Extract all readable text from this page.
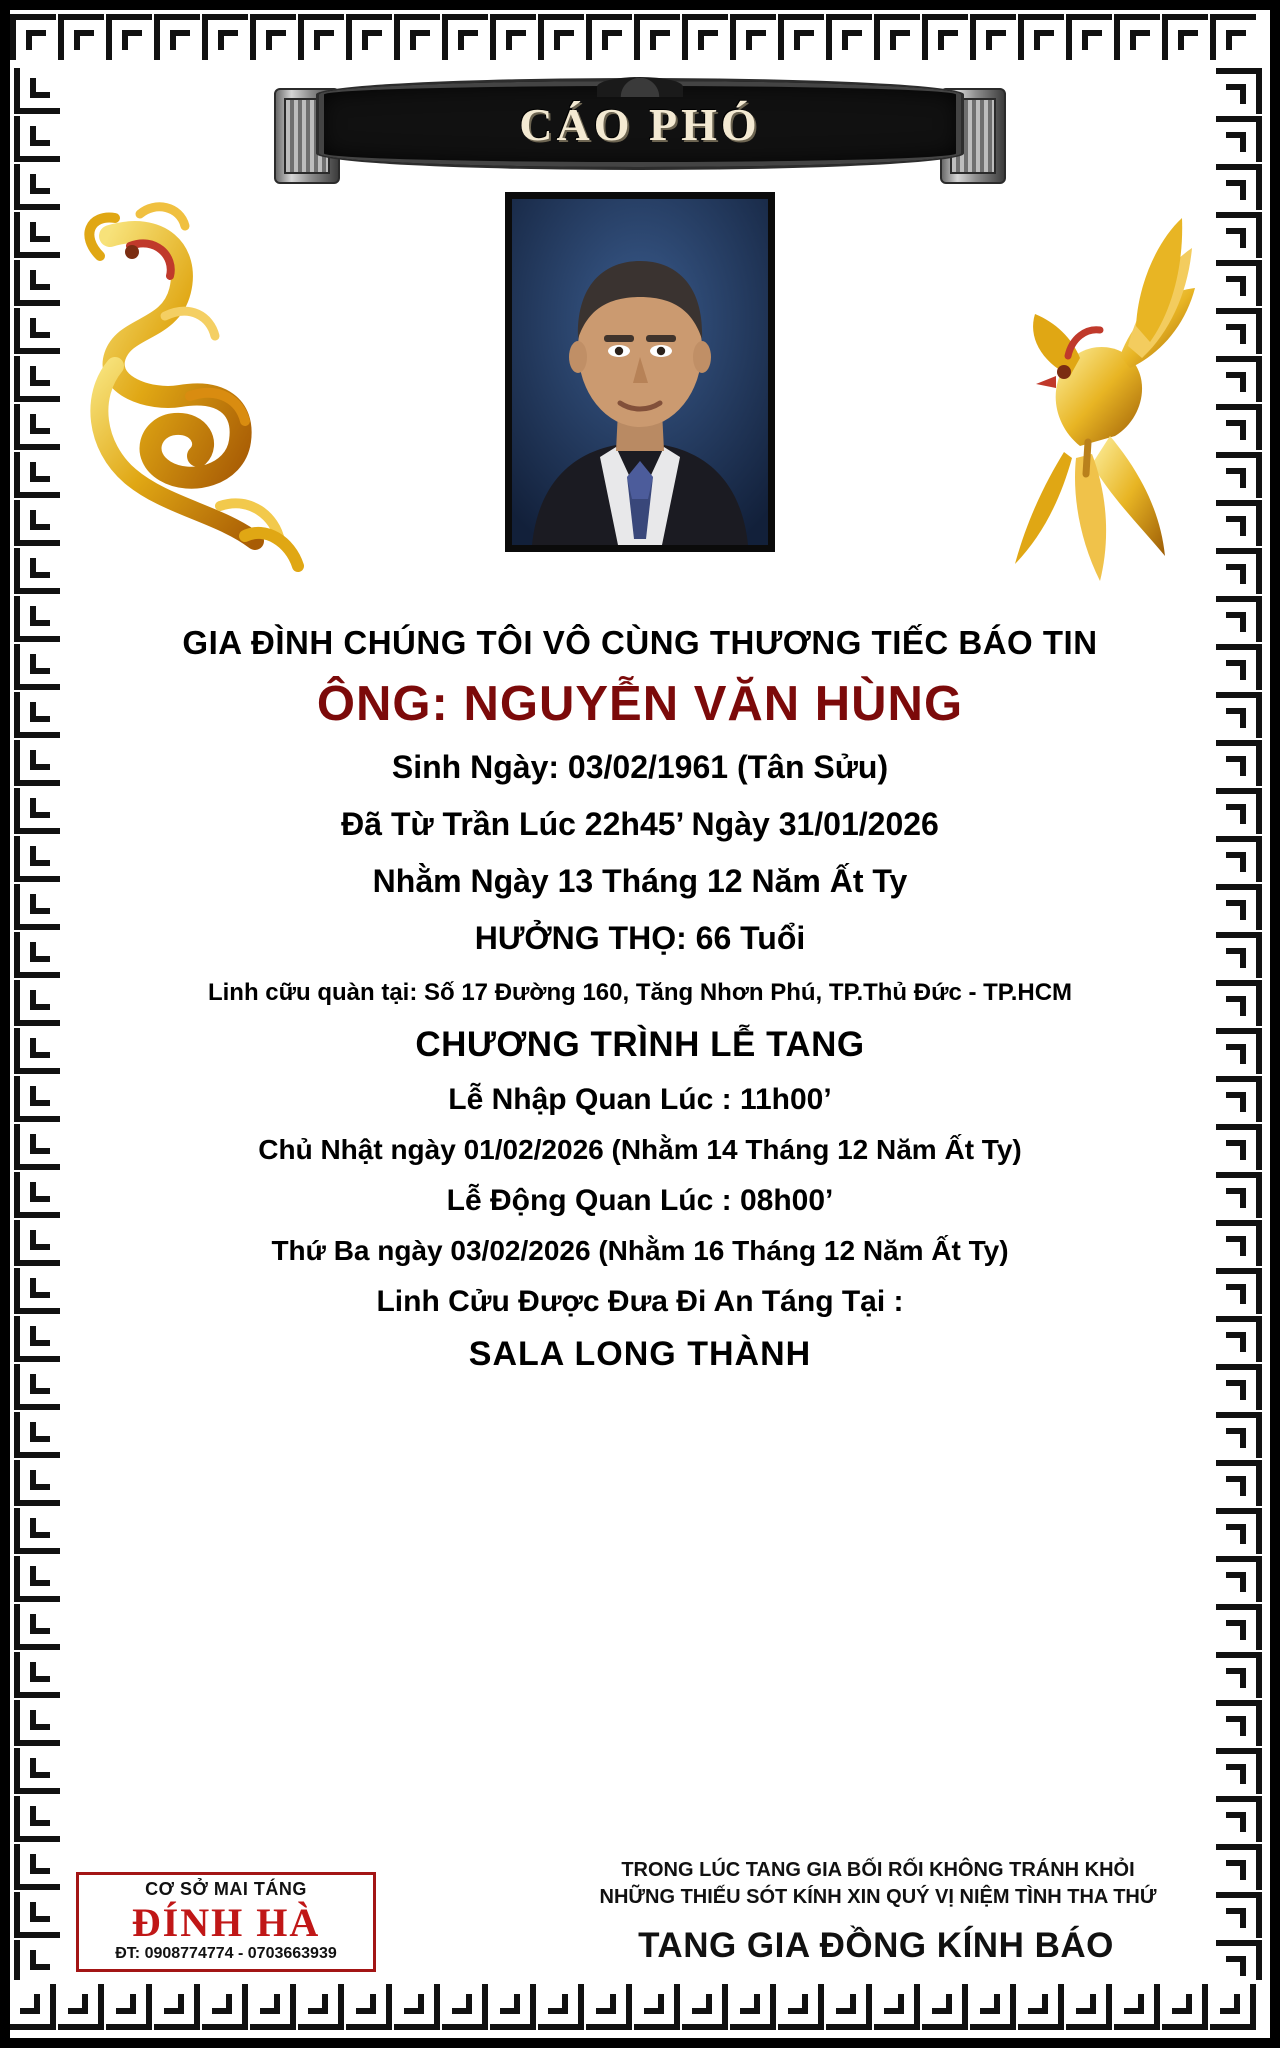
CÁO PHÓ

GIA ĐÌNH CHÚNG TÔI VÔ CÙNG THƯƠNG TIẾC BÁO TIN

ÔNG: NGUYỄN VĂN HÙNG

Sinh Ngày: 03/02/1961 (Tân Sửu)

Đã Từ Trần Lúc 22h45’ Ngày 31/01/2026

Nhằm Ngày 13 Tháng 12 Năm Ất Ty

HƯỞNG THỌ: 66 Tuổi

Linh cữu quàn tại: Số 17 Đường 160, Tăng Nhơn Phú, TP.Thủ Đức - TP.HCM

CHƯƠNG TRÌNH LỄ TANG

Lễ Nhập Quan Lúc : 11h00’

Chủ Nhật ngày 01/02/2026 (Nhằm 14 Tháng 12 Năm Ất Ty)

Lễ Động Quan Lúc : 08h00’

Thứ Ba ngày 03/02/2026 (Nhằm 16 Tháng 12 Năm Ất Ty)

Linh Cửu Được Đưa Đi An Táng Tại :

SALA LONG THÀNH

CƠ SỞ MAI TÁNG
ĐÍNH HÀ
ĐT: 0908774774 - 0703663939
TRONG LÚC TANG GIA BỐI RỐI KHÔNG TRÁNH KHỎI
NHỮNG THIẾU SÓT KÍNH XIN QUÝ VỊ NIỆM TÌNH THA THỨ
TANG GIA ĐỒNG KÍNH BÁO
